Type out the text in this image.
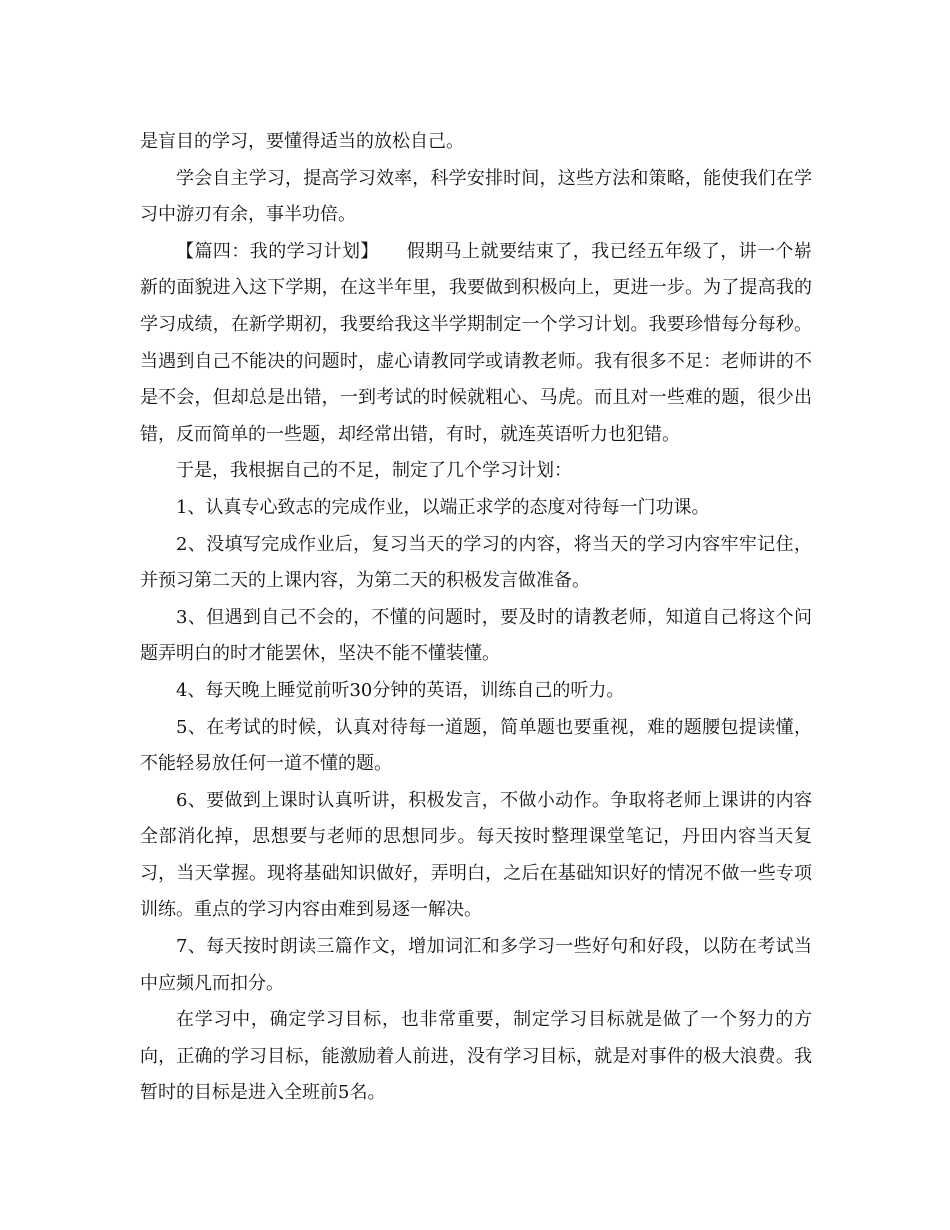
是盲目的学习，要懂得适当的放松自己。

学会自主学习，提高学习效率，科学安排时间，这些方法和策略，能使我们在学习中游刃有余，事半功倍。

【篇四：我的学习计划】　　假期马上就要结束了，我已经五年级了，讲一个崭新的面貌进入这下学期，在这半年里，我要做到积极向上，更进一步。为了提高我的学习成绩，在新学期初，我要给我这半学期制定一个学习计划。我要珍惜每分每秒。当遇到自己不能决的问题时，虚心请教同学或请教老师。我有很多不足：老师讲的不是不会，但却总是出错，一到考试的时候就粗心、马虎。而且对一些难的题，很少出错，反而简单的一些题，却经常出错，有时，就连英语听力也犯错。

于是，我根据自己的不足，制定了几个学习计划：

1、认真专心致志的完成作业，以端正求学的态度对待每一门功课。

2、没填写完成作业后，复习当天的学习的内容，将当天的学习内容牢牢记住，并预习第二天的上课内容，为第二天的积极发言做准备。

3、但遇到自己不会的，不懂的问题时，要及时的请教老师，知道自己将这个问题弄明白的时才能罢休，坚决不能不懂装懂。

4、每天晚上睡觉前听30分钟的英语，训练自己的听力。

5、在考试的时候，认真对待每一道题，简单题也要重视，难的题腰包提读懂，不能轻易放任何一道不懂的题。

6、要做到上课时认真听讲，积极发言，不做小动作。争取将老师上课讲的内容全部消化掉，思想要与老师的思想同步。每天按时整理课堂笔记，丹田内容当天复习，当天掌握。现将基础知识做好，弄明白，之后在基础知识好的情况不做一些专项训练。重点的学习内容由难到易逐一解决。

7、每天按时朗读三篇作文，增加词汇和多学习一些好句和好段，以防在考试当中应频凡而扣分。

在学习中，确定学习目标，也非常重要，制定学习目标就是做了一个努力的方向，正确的学习目标，能激励着人前进，没有学习目标，就是对事件的极大浪费。我暂时的目标是进入全班前5名。
